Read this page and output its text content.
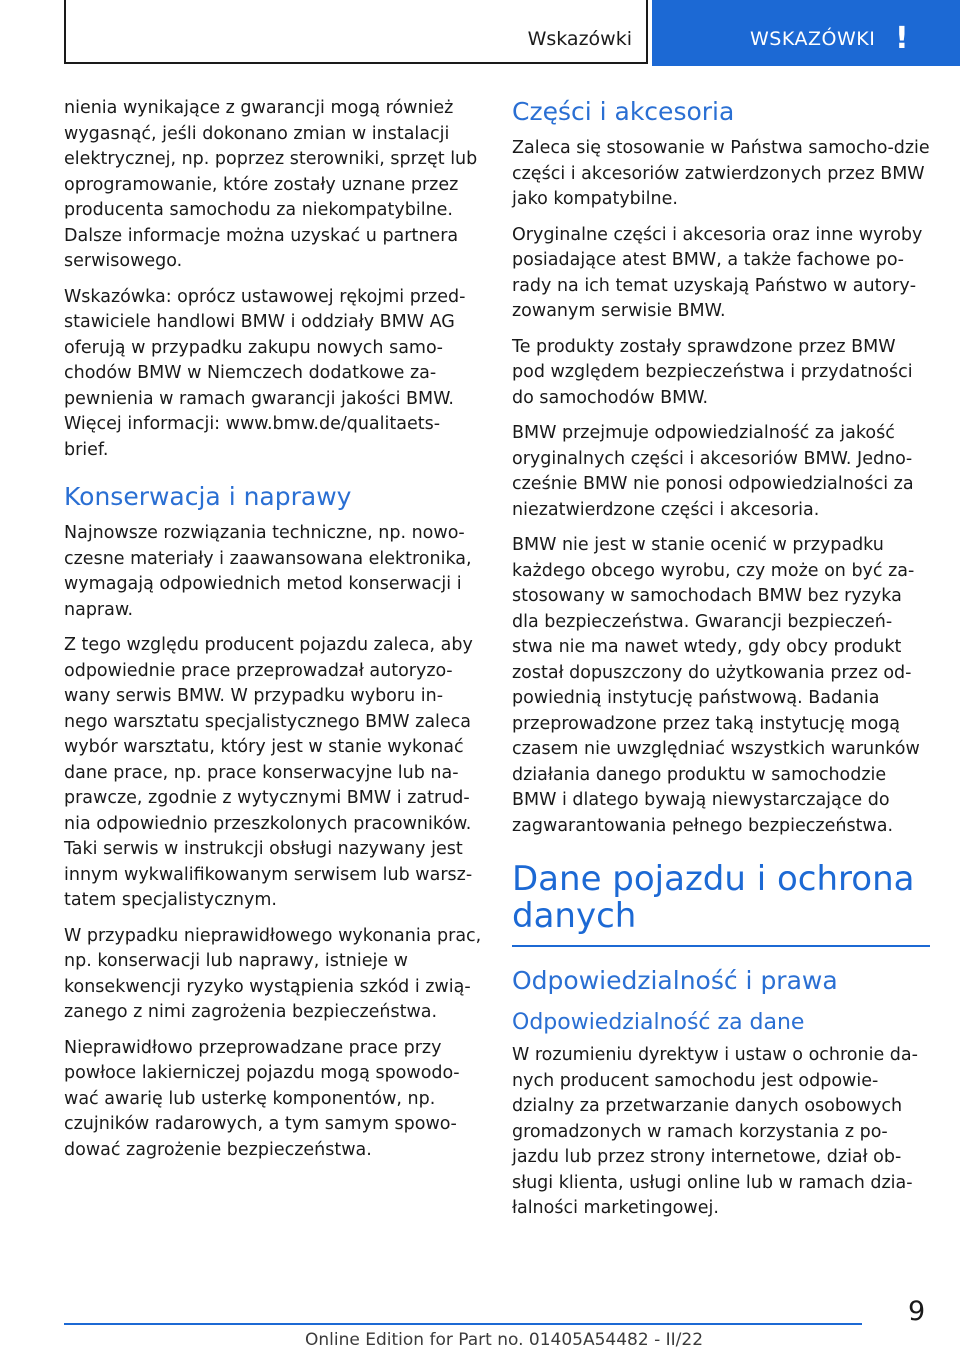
Wskazówki	WSKAZÓWKI !

nienia wynikające z gwarancji mogą również wygasnąć, jeśli dokonano zmian w instalacji elektrycznej, np. poprzez sterowniki, sprzęt lub oprogramowanie, które zostały uznane przez producenta samochodu za niekompatybilne. Dalsze informacje można uzyskać u partnera serwisowego.

Wskazówka: oprócz ustawowej rękojmi przed‐stawiciele handlowi BMW i oddziały BMW AG oferują w przypadku zakupu nowych samo‐chodów BMW w Niemczech dodatkowe za‐pewnienia w ramach gwarancji jakości BMW. Więcej informacji: www.bmw.de/qualitaets‐brief.

Konserwacja i naprawy

Najnowsze rozwiązania techniczne, np. nowo‐czesne materiały i zaawansowana elektronika, wymagają odpowiednich metod konserwacji i napraw.

Z tego względu producent pojazdu zaleca, aby odpowiednie prace przeprowadzał autoryzo‐wany serwis BMW. W przypadku wyboru in‐nego warsztatu specjalistycznego BMW zaleca wybór warsztatu, który jest w stanie wykonać dane prace, np. prace konserwacyjne lub na‐prawcze, zgodnie z wytycznymi BMW i zatrud‐nia odpowiednio przeszkolonych pracowników. Taki serwis w instrukcji obsługi nazywany jest innym wykwalifikowanym serwisem lub warsz‐tatem specjalistycznym.

W przypadku nieprawidłowego wykonania prac, np. konserwacji lub naprawy, istnieje w konsekwencji ryzyko wystąpienia szkód i zwią‐zanego z nimi zagrożenia bezpieczeństwa.

Nieprawidłowo przeprowadzane prace przy powłoce lakierniczej pojazdu mogą spowodo‐wać awarię lub usterkę komponentów, np. czujników radarowych, a tym samym spowo‐dować zagrożenie bezpieczeństwa.

Części i akcesoria

Zaleca się stosowanie w Państwa samocho‐dzie części i akcesoriów zatwierdzonych przez BMW jako kompatybilne.

Oryginalne części i akcesoria oraz inne wyroby posiadające atest BMW, a także fachowe po‐rady na ich temat uzyskają Państwo w autory‐zowanym serwisie BMW.

Te produkty zostały sprawdzone przez BMW pod względem bezpieczeństwa i przydatności do samochodów BMW.

BMW przejmuje odpowiedzialność za jakość oryginalnych części i akcesoriów BMW. Jedno‐cześnie BMW nie ponosi odpowiedzialności za niezatwierdzone części i akcesoria.

BMW nie jest w stanie ocenić w przypadku każdego obcego wyrobu, czy może on być za‐stosowany w samochodach BMW bez ryzyka dla bezpieczeństwa. Gwarancji bezpieczeń‐stwa nie ma nawet wtedy, gdy obcy produkt został dopuszczony do użytkowania przez od‐powiednią instytucję państwową. Badania przeprowadzone przez taką instytucję mogą czasem nie uwzględniać wszystkich warunków działania danego produktu w samochodzie BMW i dlatego bywają niewystarczające do zagwarantowania pełnego bezpieczeństwa.

Dane pojazdu i ochrona danych
Odpowiedzialność i prawa
Odpowiedzialność za dane

W rozumieniu dyrektyw i ustaw o ochronie da‐nych producent samochodu jest odpowie‐dzialny za przetwarzanie danych osobowych gromadzonych w ramach korzystania z po‐jazdu lub przez strony internetowe, dział ob‐sługi klienta, usługi online lub w ramach dzia‐łalności marketingowej.

9
Online Edition for Part no. 01405A54482 - II/22
